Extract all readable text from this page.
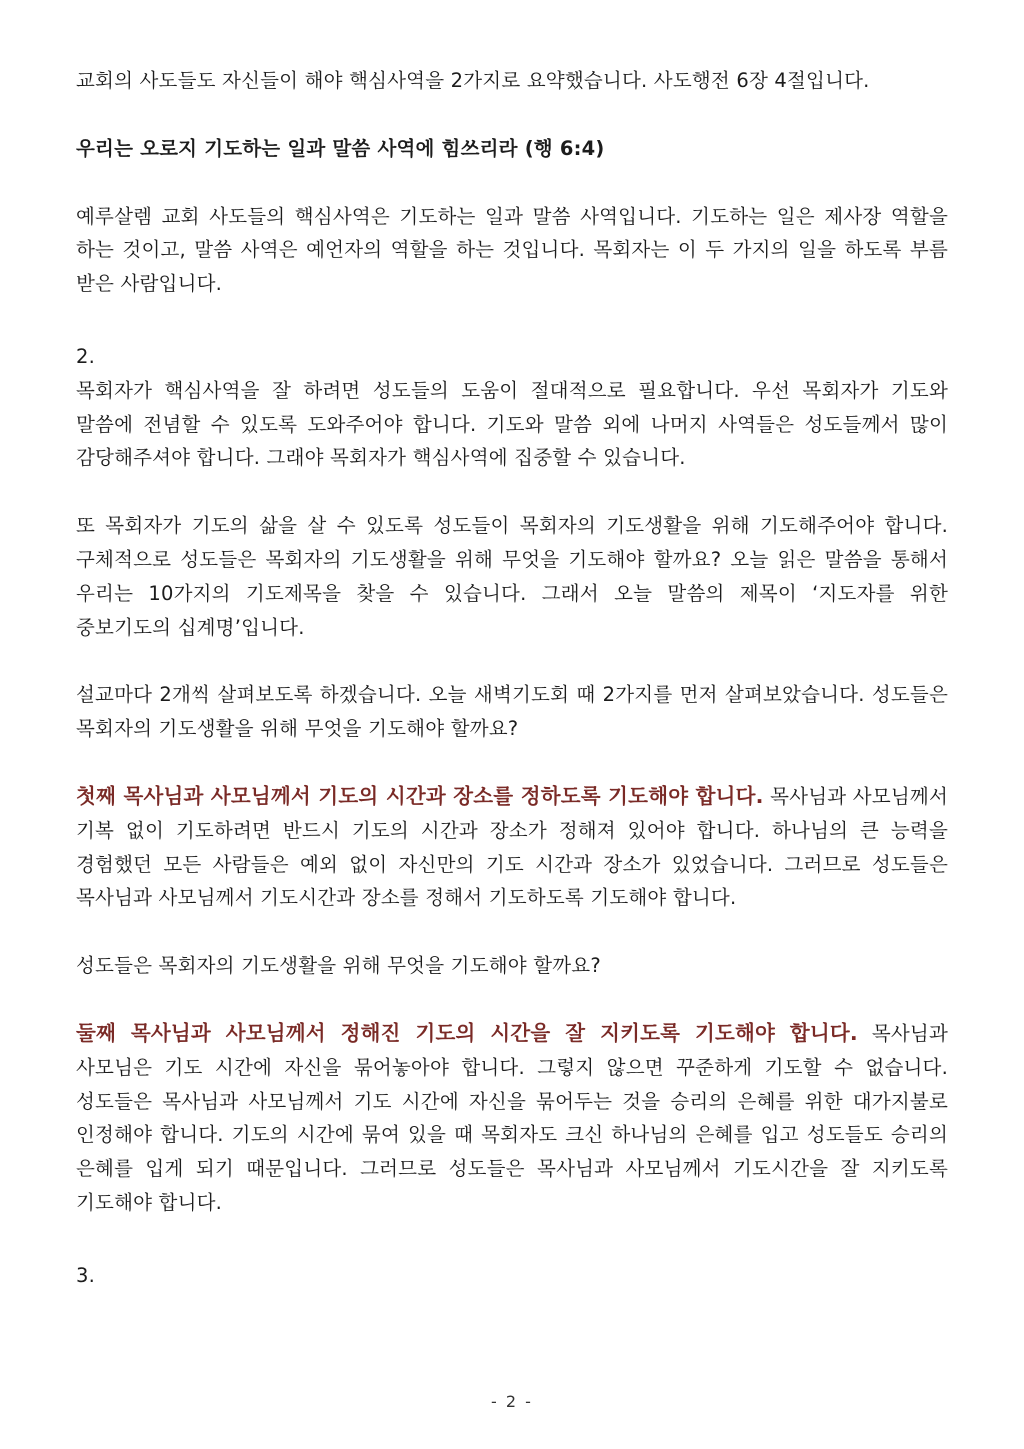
교회의 사도들도 자신들이 해야 핵심사역을 2가지로 요약했습니다. 사도행전 6장 4절입니다.

우리는 오로지 기도하는 일과 말씀 사역에 힘쓰리라 (행 6:4)

예루살렘 교회 사도들의 핵심사역은 기도하는 일과 말씀 사역입니다. 기도하는 일은 제사장 역할을 하는 것이고, 말씀 사역은 예언자의 역할을 하는 것입니다. 목회자는 이 두 가지의 일을 하도록 부름 받은 사람입니다.

2.

목회자가 핵심사역을 잘 하려면 성도들의 도움이 절대적으로 필요합니다. 우선 목회자가 기도와 말씀에 전념할 수 있도록 도와주어야 합니다. 기도와 말씀 외에 나머지 사역들은 성도들께서 많이 감당해주셔야 합니다. 그래야 목회자가 핵심사역에 집중할 수 있습니다.

또 목회자가 기도의 삶을 살 수 있도록 성도들이 목회자의 기도생활을 위해 기도해주어야 합니다. 구체적으로 성도들은 목회자의 기도생활을 위해 무엇을 기도해야 할까요? 오늘 읽은 말씀을 통해서 우리는 10가지의 기도제목을 찾을 수 있습니다. 그래서 오늘 말씀의 제목이 ‘지도자를 위한 중보기도의 십계명’입니다.

설교마다 2개씩 살펴보도록 하겠습니다. 오늘 새벽기도회 때 2가지를 먼저 살펴보았습니다. 성도들은 목회자의 기도생활을 위해 무엇을 기도해야 할까요?

첫째 목사님과 사모님께서 기도의 시간과 장소를 정하도록 기도해야 합니다. 목사님과 사모님께서 기복 없이 기도하려면 반드시 기도의 시간과 장소가 정해져 있어야 합니다. 하나님의 큰 능력을 경험했던 모든 사람들은 예외 없이 자신만의 기도 시간과 장소가 있었습니다. 그러므로 성도들은 목사님과 사모님께서 기도시간과 장소를 정해서 기도하도록 기도해야 합니다.

성도들은 목회자의 기도생활을 위해 무엇을 기도해야 할까요?

둘째 목사님과 사모님께서 정해진 기도의 시간을 잘 지키도록 기도해야 합니다. 목사님과 사모님은 기도 시간에 자신을 묶어놓아야 합니다. 그렇지 않으면 꾸준하게 기도할 수 없습니다. 성도들은 목사님과 사모님께서 기도 시간에 자신을 묶어두는 것을 승리의 은혜를 위한 대가지불로 인정해야 합니다. 기도의 시간에 묶여 있을 때 목회자도 크신 하나님의 은혜를 입고 성도들도 승리의 은혜를 입게 되기 때문입니다. 그러므로 성도들은 목사님과 사모님께서 기도시간을 잘 지키도록 기도해야 합니다.

3.

- 2 -
